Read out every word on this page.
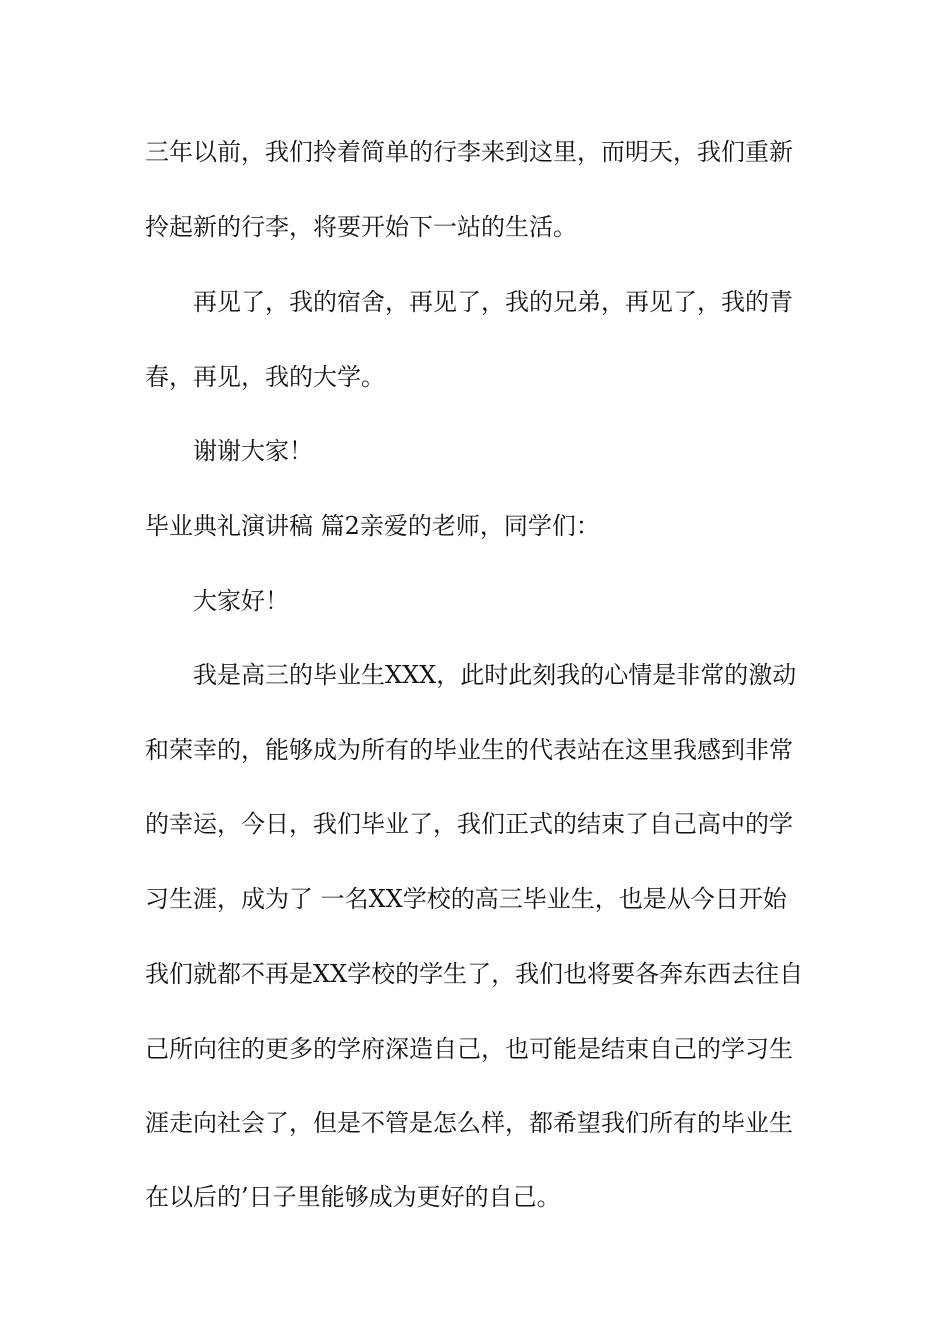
三年以前，我们拎着简单的行李来到这里，而明天，我们重新
拎起新的行李，将要开始下一站的生活。
再见了，我的宿舍，再见了，我的兄弟，再见了，我的青
春，再见，我的大学。
谢谢大家！
毕业典礼演讲稿 篇2亲爱的老师，同学们：
大家好！
我是高三的毕业生XXX，此时此刻我的心情是非常的激动
和荣幸的，能够成为所有的毕业生的代表站在这里我感到非常
的幸运，今日，我们毕业了，我们正式的结束了自己高中的学
习生涯，成为了 一名XX学校的高三毕业生，也是从今日开始
我们就都不再是XX学校的学生了，我们也将要各奔东西去往自
己所向往的更多的学府深造自己，也可能是结束自己的学习生
涯走向社会了，但是不管是怎么样，都希望我们所有的毕业生
在以后的’日子里能够成为更好的自己。
